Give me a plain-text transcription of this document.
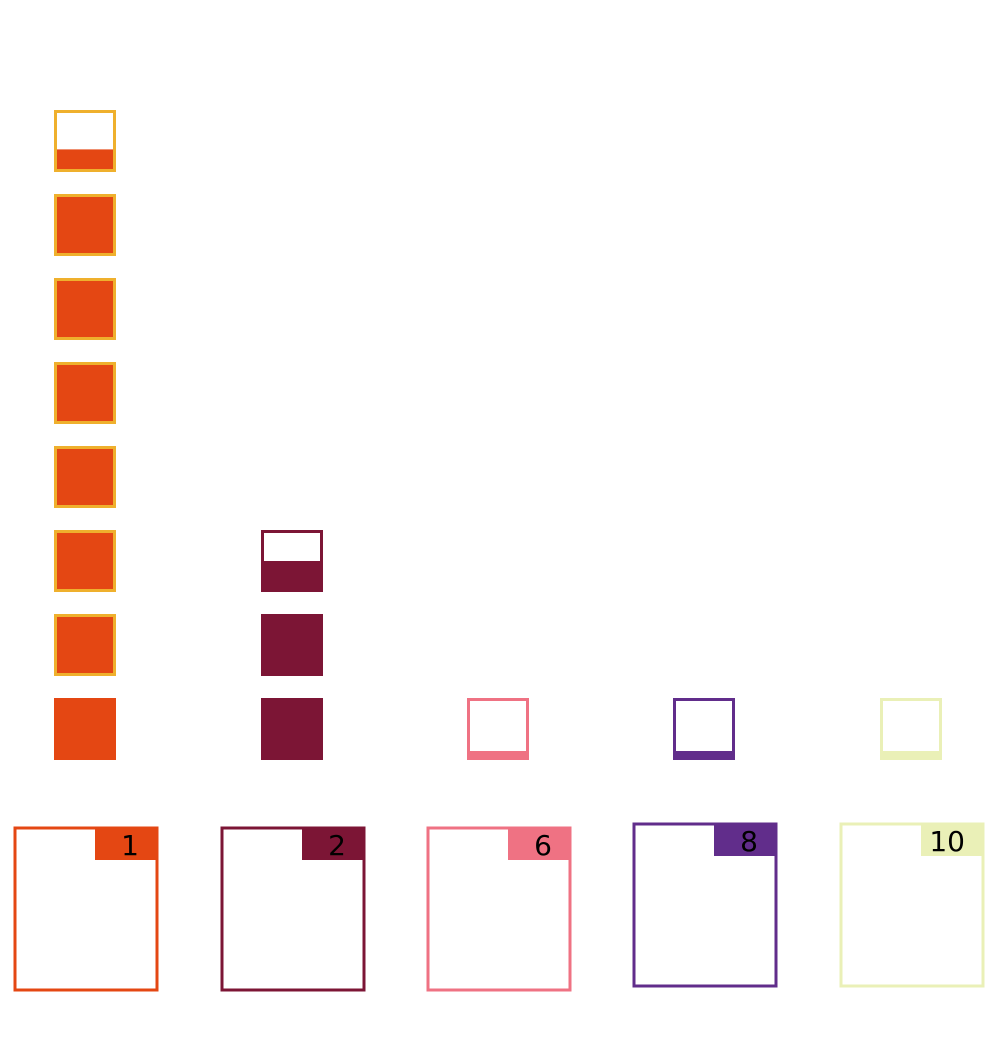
1	2	6	8	10
